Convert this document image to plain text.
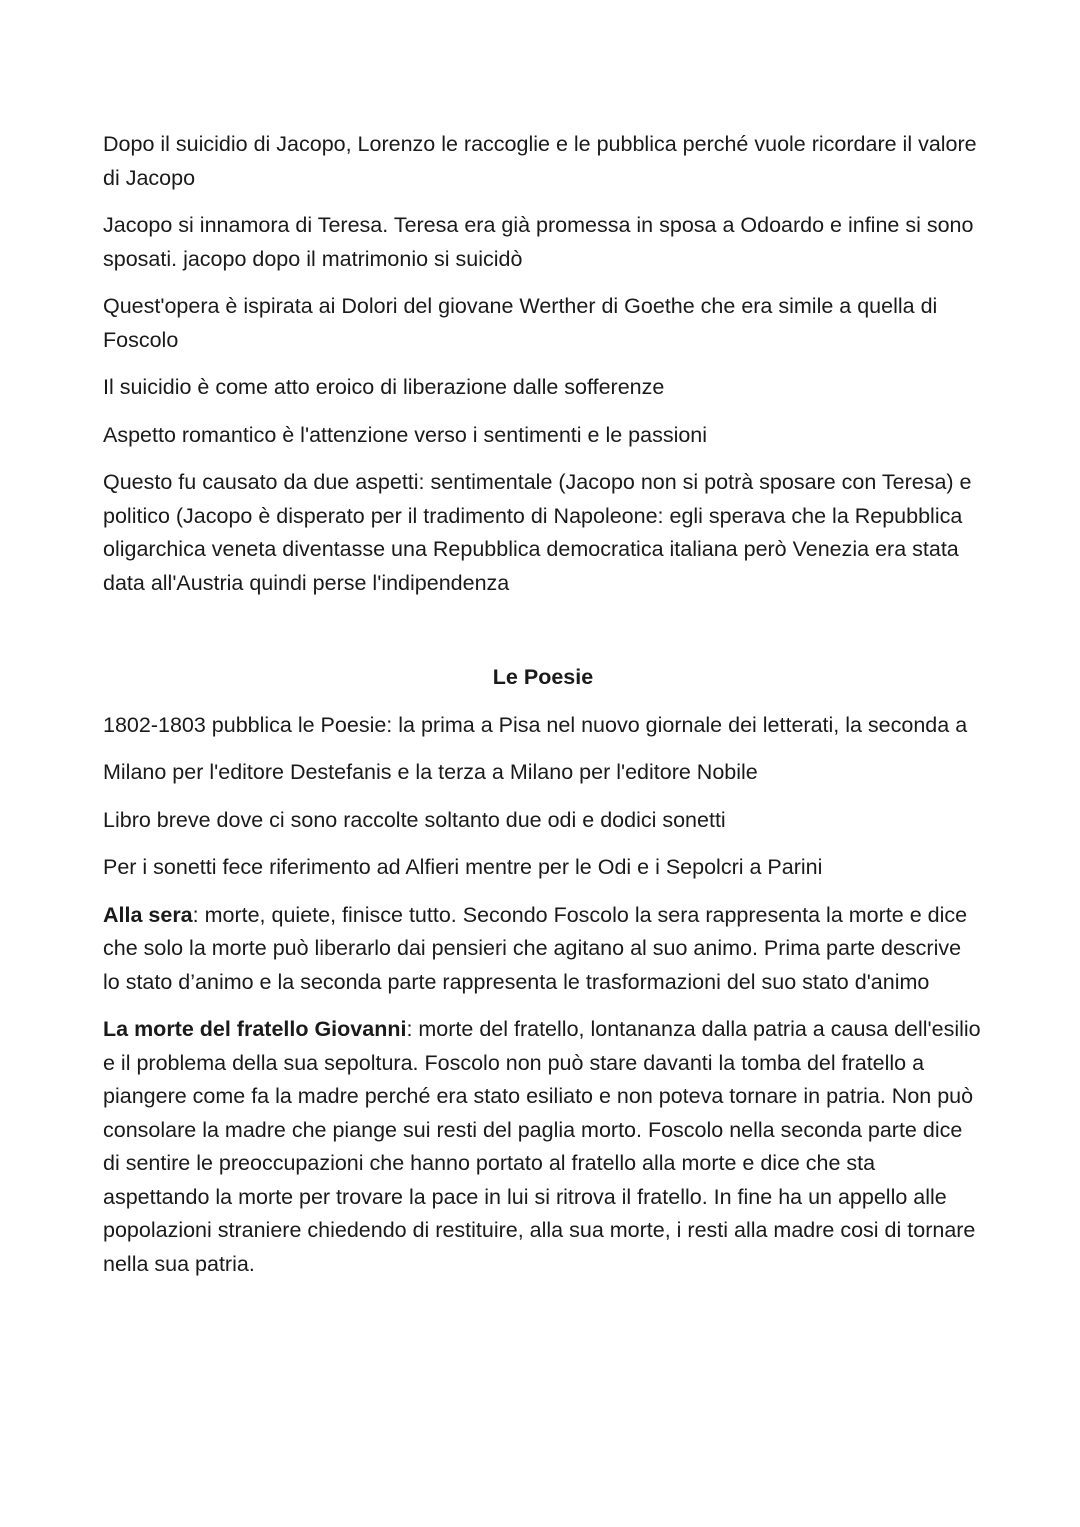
Dopo il suicidio di Jacopo, Lorenzo le raccoglie e le pubblica perché vuole ricordare il valore di Jacopo

Jacopo si innamora di Teresa. Teresa era già promessa in sposa a Odoardo e infine si sono sposati. jacopo dopo il matrimonio si suicidò

Quest'opera è ispirata ai Dolori del giovane Werther di Goethe che era simile a quella di Foscolo

Il suicidio è come atto eroico di liberazione dalle sofferenze

Aspetto romantico è l'attenzione verso i sentimenti e le passioni

Questo fu causato da due aspetti: sentimentale (Jacopo non si potrà sposare con Teresa) e politico (Jacopo è disperato per il tradimento di Napoleone: egli sperava che la Repubblica oligarchica veneta diventasse una Repubblica democratica italiana però Venezia era stata data all'Austria quindi perse l'indipendenza

Le Poesie

1802-1803 pubblica le Poesie: la prima a Pisa nel nuovo giornale dei letterati, la seconda a

Milano per l'editore Destefanis e la terza a Milano per l'editore Nobile

Libro breve dove ci sono raccolte soltanto due odi e dodici sonetti

Per i sonetti fece riferimento ad Alfieri mentre per le Odi e i Sepolcri a Parini

Alla sera: morte, quiete, finisce tutto. Secondo Foscolo la sera rappresenta la morte e dice che solo la morte può liberarlo dai pensieri che agitano al suo animo. Prima parte descrive lo stato d’animo e la seconda parte rappresenta le trasformazioni del suo stato d'animo

La morte del fratello Giovanni: morte del fratello, lontananza dalla patria a causa dell'esilio e il problema della sua sepoltura. Foscolo non può stare davanti la tomba del fratello a piangere come fa la madre perché era stato esiliato e non poteva tornare in patria. Non può consolare la madre che piange sui resti del paglia morto. Foscolo nella seconda parte dice di sentire le preoccupazioni che hanno portato al fratello alla morte e dice che sta aspettando la morte per trovare la pace in lui si ritrova il fratello. In fine ha un appello alle popolazioni straniere chiedendo di restituire, alla sua morte, i resti alla madre cosi di tornare nella sua patria.
